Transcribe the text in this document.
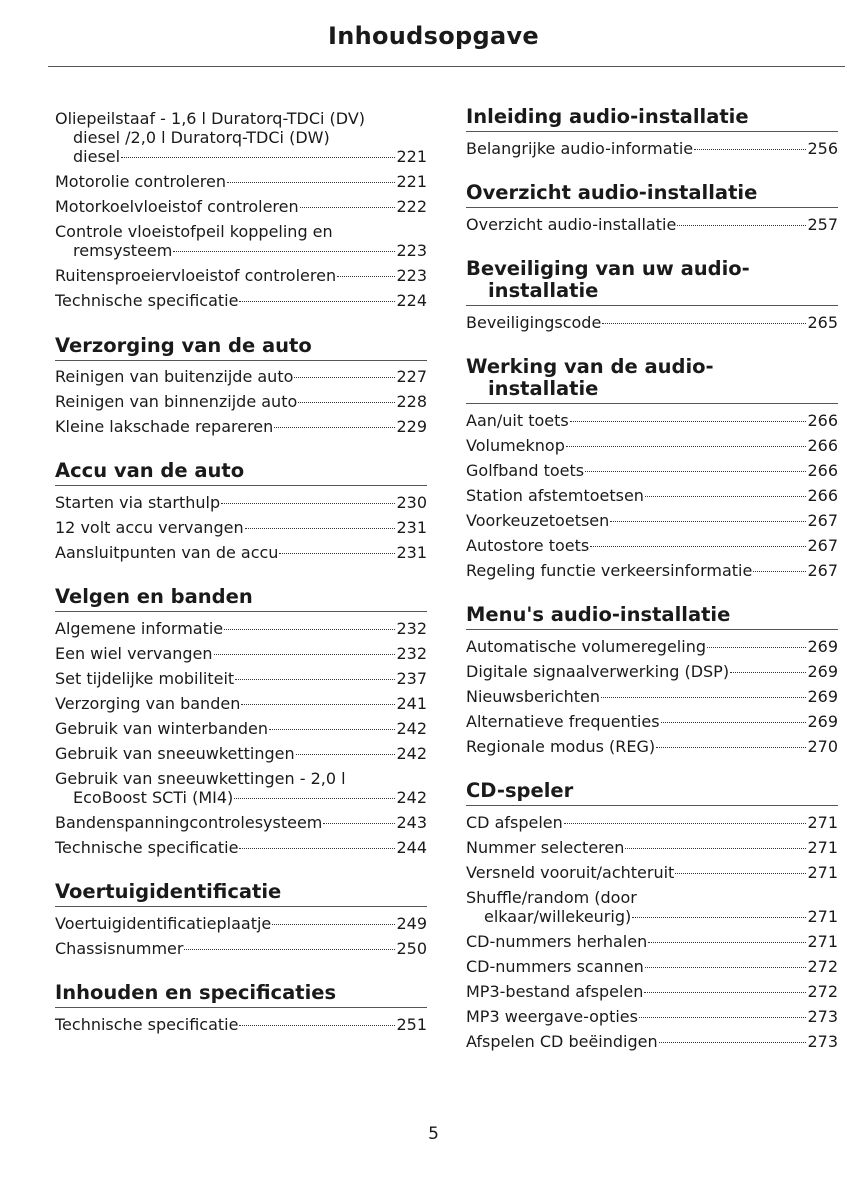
Inhoudsopgave
Oliepeilstaaf - 1,6 l Duratorq-TDCi (DV)
diesel /2,0 l Duratorq-TDCi (DW)
diesel	221
Motorolie controleren	221
Motorkoelvloeistof controleren	222
Controle vloeistofpeil koppeling en
remsysteem	223
Ruitensproeiervloeistof controleren	223
Technische specificatie	224
Verzorging van de auto
Reinigen van buitenzijde auto	227
Reinigen van binnenzijde auto	228
Kleine lakschade repareren	229
Accu van de auto
Starten via starthulp	230
12 volt accu vervangen	231
Aansluitpunten van de accu	231
Velgen en banden
Algemene informatie	232
Een wiel vervangen	232
Set tijdelijke mobiliteit	237
Verzorging van banden	241
Gebruik van winterbanden	242
Gebruik van sneeuwkettingen	242
Gebruik van sneeuwkettingen - 2,0 l
EcoBoost SCTi (MI4)	242
Bandenspanningcontrolesysteem	243
Technische specificatie	244
Voertuigidentificatie
Voertuigidentificatieplaatje	249
Chassisnummer	250
Inhouden en specificaties
Technische specificatie	251
Inleiding audio-installatie
Belangrijke audio-informatie	256
Overzicht audio-installatie
Overzicht audio-installatie	257
Beveiliging van uw audio-
installatie
Beveiligingscode	265
Werking van de audio-
installatie
Aan/uit toets	266
Volumeknop	266
Golfband toets	266
Station afstemtoetsen	266
Voorkeuzetoetsen	267
Autostore toets	267
Regeling functie verkeersinformatie	267
Menu's audio-installatie
Automatische volumeregeling	269
Digitale signaalverwerking (DSP)	269
Nieuwsberichten	269
Alternatieve frequenties	269
Regionale modus (REG)	270
CD-speler
CD afspelen	271
Nummer selecteren	271
Versneld vooruit/achteruit	271
Shuffle/random (door
elkaar/willekeurig)	271
CD-nummers herhalen	271
CD-nummers scannen	272
MP3-bestand afspelen	272
MP3 weergave-opties	273
Afspelen CD beëindigen	273
5
